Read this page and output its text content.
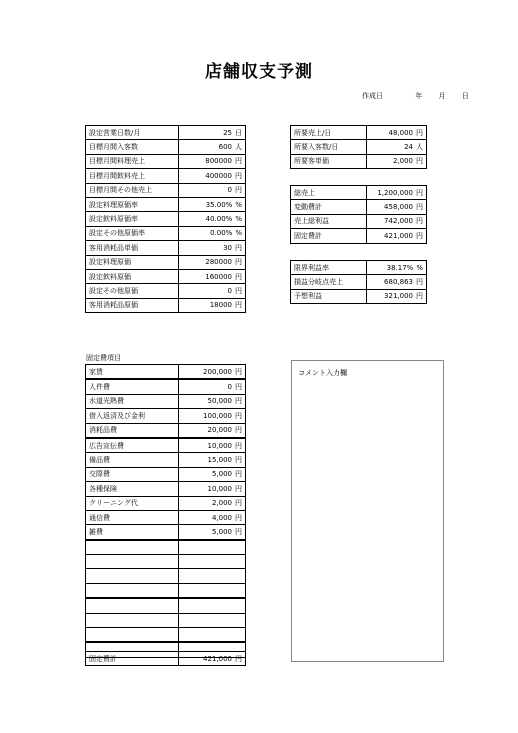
店舗収支予測
作成日	年 月 日
設定営業日数/月	25 日
目標月間入客数	600 人
目標月間料理売上	800000 円
目標月間飲料売上	400000 円
目標月間その他売上	0 円
設定料理原価率	35.00% %
設定飲料原価率	40.00% %
設定その他原価率	0.00% %
客用消耗品単価	30 円
設定料理原価	280000 円
設定飲料原価	160000 円
設定その他原価	0 円
客用消耗品原価	18000 円
所要売上/日	48,000 円
所要入客数/日	24 人
所要客単価	2,000 円
総売上	1,200,000 円
変動費計	458,000 円
売上総利益	742,000 円
固定費計	421,000 円
限界利益率	38.17% %
損益分岐点売上	680,863 円
予想利益	321,000 円
固定費項目
家賃	200,000 円
人件費	0 円
水道光熱費	50,000 円
借入返済及び金利	100,000 円
消耗品費	20,000 円
広告宣伝費	10,000 円
備品費	15,000 円
交際費	5,000 円
各種保険	10,000 円
クリーニング代	2,000 円
通信費	4,000 円
雑費	5,000 円

固定費計	421,000 円
コメント入力欄
